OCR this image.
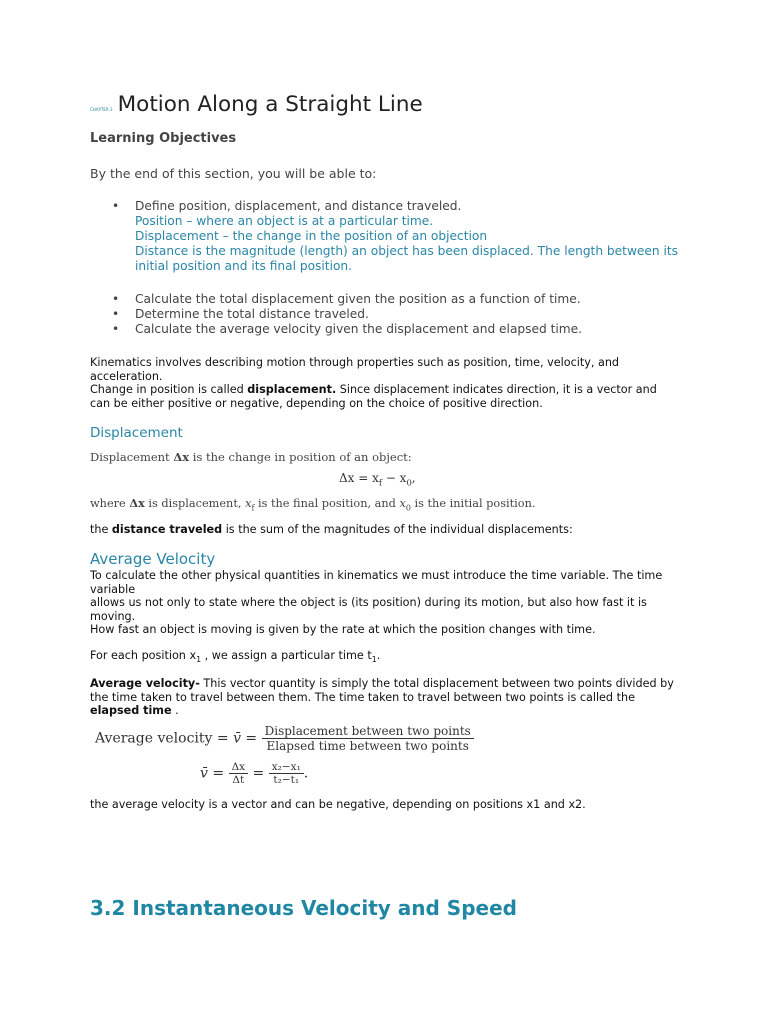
CHAPTER 3 Motion Along a Straight Line
Learning Objectives
By the end of this section, you will be able to:
• Define position, displacement, and distance traveled.
Position – where an object is at a particular time.
Displacement – the change in the position of an objection
Distance is the magnitude (length) an object has been displaced. The length between its initial position and its final position.
• Calculate the total displacement given the position as a function of time.
• Determine the total distance traveled.
• Calculate the average velocity given the displacement and elapsed time.
Kinematics involves describing motion through properties such as position, time, velocity, and acceleration.
Change in position is called displacement. Since displacement indicates direction, it is a vector and can be either positive or negative, depending on the choice of positive direction.
Displacement
Displacement Δx is the change in position of an object:
$\Delta x = x_f - x_0$,
where Δx is displacement, $x_f$ is the final position, and $x_0$ is the initial position.
the distance traveled is the sum of the magnitudes of the individual displacements:
Average Velocity
To calculate the other physical quantities in kinematics we must introduce the time variable. The time variable
allows us not only to state where the object is (its position) during its motion, but also how fast it is moving.
How fast an object is moving is given by the rate at which the position changes with time.
For each position $x_1$ , we assign a particular time $t_1$.
Average velocity- This vector quantity is simply the total displacement between two points divided by the time taken to travel between them. The time taken to travel between two points is called the elapsed time .
Average velocity = v̄ = $\frac{\text{Displacement between two points}}{\text{Elapsed time between two points}}$
v̄ = $\frac{\Delta x}{\Delta t} = \frac{\text{x₂−x₁}}{\text{t₂−t₁}}$ .
the average velocity is a vector and can be negative, depending on positions x1 and x2.
3.2 Instantaneous Velocity and Speed
